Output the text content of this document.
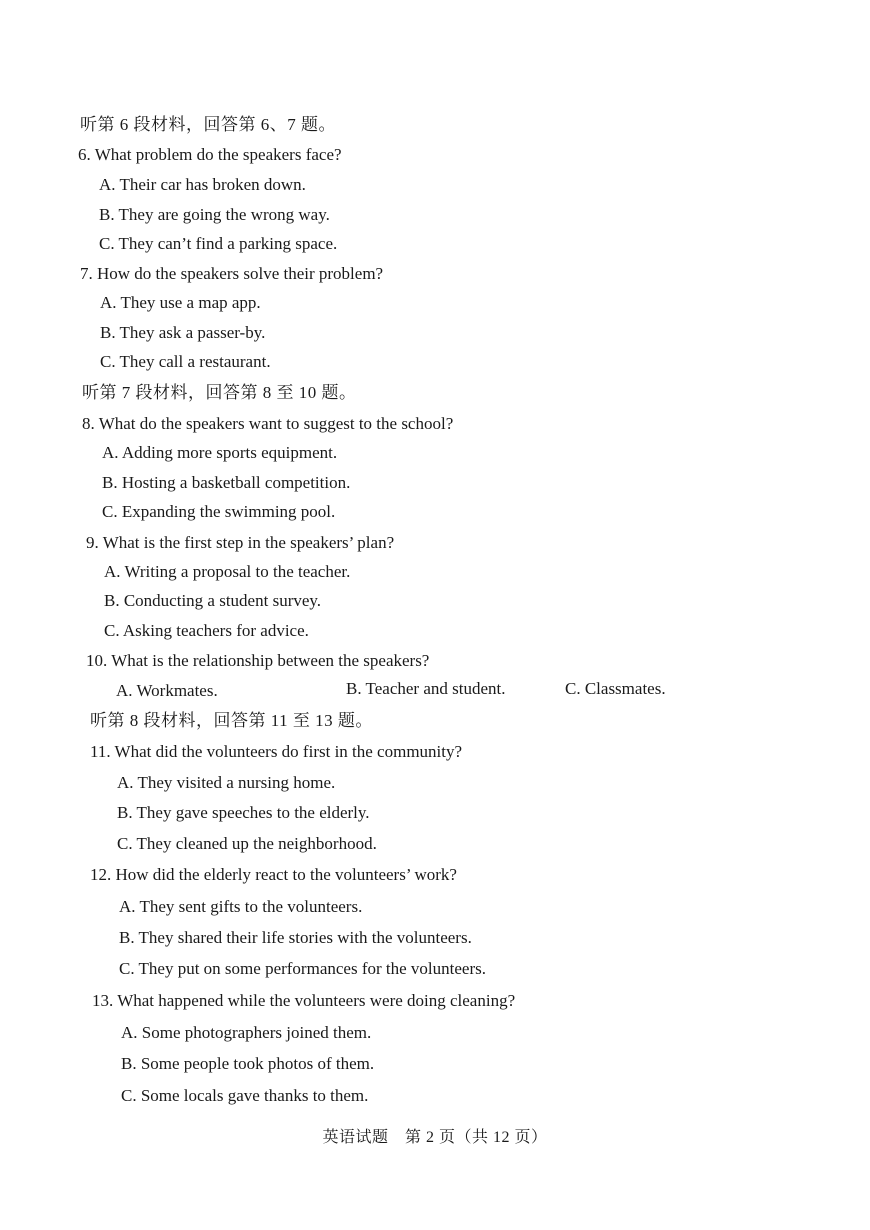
听第 6 段材料，回答第 6、7 题。
6. What problem do the speakers face?
A. Their car has broken down.
B. They are going the wrong way.
C. They can’t find a parking space.
7. How do the speakers solve their problem?
A. They use a map app.
B. They ask a passer-by.
C. They call a restaurant.
听第 7 段材料，回答第 8 至 10 题。
8. What do the speakers want to suggest to the school?
A. Adding more sports equipment.
B. Hosting a basketball competition.
C. Expanding the swimming pool.
9. What is the first step in the speakers’ plan?
A. Writing a proposal to the teacher.
B. Conducting a student survey.
C. Asking teachers for advice.
10. What is the relationship between the speakers?
A. Workmates.	B. Teacher and student.	C. Classmates.
听第 8 段材料，回答第 11 至 13 题。
11. What did the volunteers do first in the community?
A. They visited a nursing home.
B. They gave speeches to the elderly.
C. They cleaned up the neighborhood.
12. How did the elderly react to the volunteers’ work?
A. They sent gifts to the volunteers.
B. They shared their life stories with the volunteers.
C. They put on some performances for the volunteers.
13. What happened while the volunteers were doing cleaning?
A. Some photographers joined them.
B. Some people took photos of them.
C. Some locals gave thanks to them.
英语试题　第 2 页（共 12 页）
